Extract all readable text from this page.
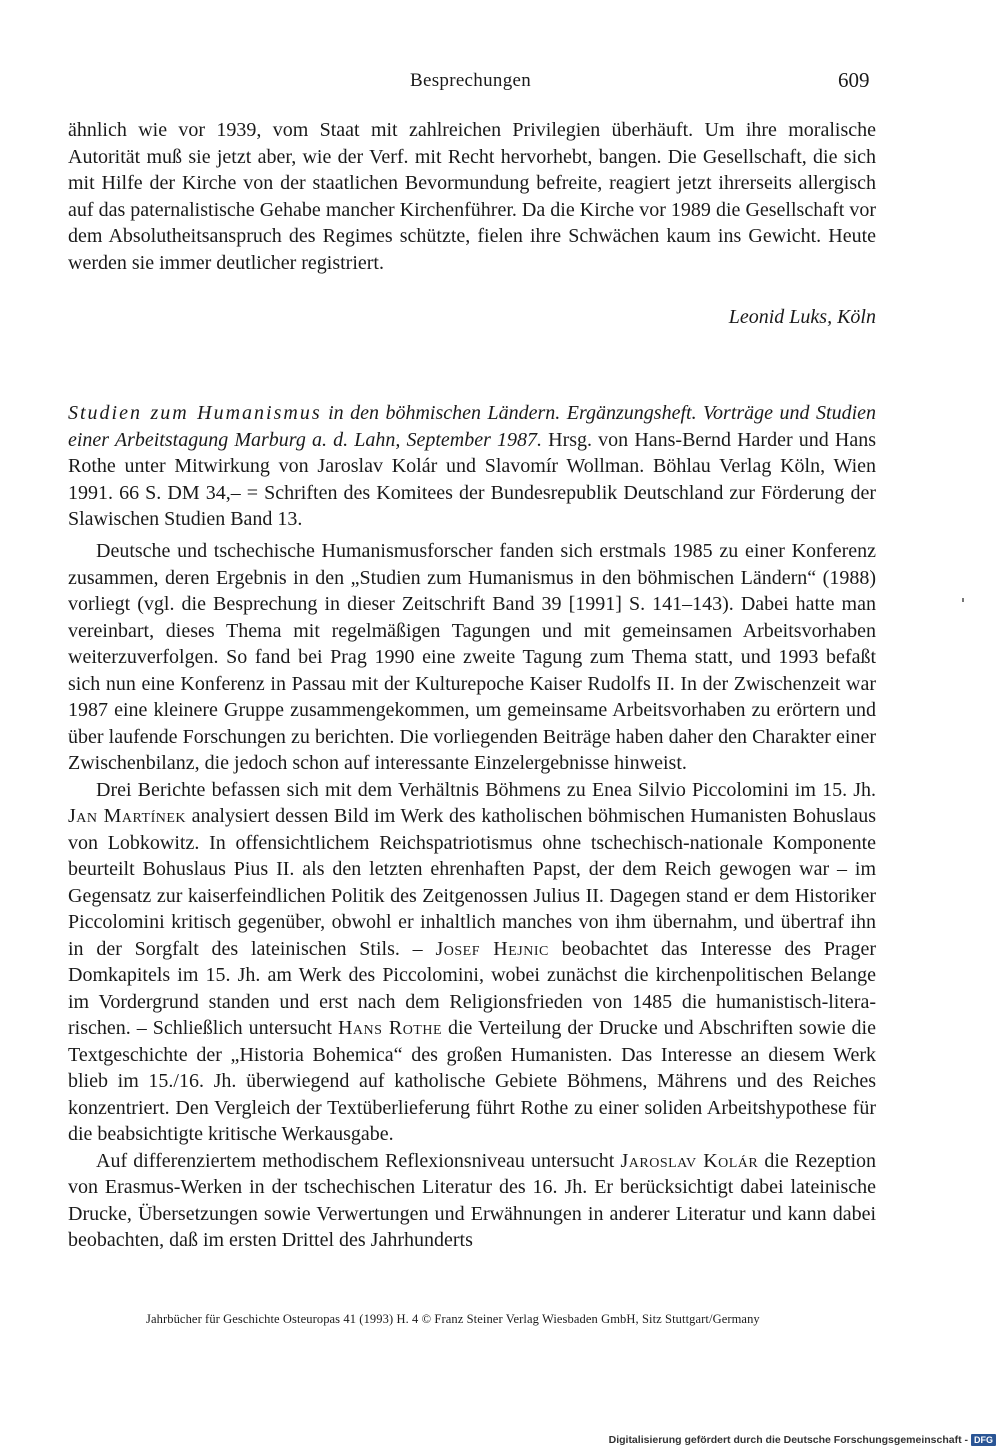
Besprechungen	609

ähnlich wie vor 1939, vom Staat mit zahlreichen Privilegien überhäuft. Um ihre moralische Autorität muß sie jetzt aber, wie der Verf. mit Recht hervorhebt, bangen. Die Gesellschaft, die sich mit Hilfe der Kirche von der staatlichen Bevormundung befreite, reagiert jetzt ihrerseits allergisch auf das paternalistische Gehabe mancher Kirchenführer. Da die Kirche vor 1989 die Gesellschaft vor dem Absolutheitsanspruch des Regimes schützte, fielen ihre Schwächen kaum ins Gewicht. Heute werden sie immer deutlicher registriert.

Leonid Luks, Köln

Studien zum Humanismus in den böhmischen Ländern. Ergänzungsheft. Vorträge und Studien einer Arbeitstagung Marburg a. d. Lahn, September 1987. Hrsg. von Hans-Bernd Harder und Hans Rothe unter Mitwirkung von Jaroslav Kolár und Slavomír Wollman. Böhlau Verlag Köln, Wien 1991. 66 S. DM 34,– = Schriften des Komitees der Bundesrepublik Deutschland zur Förderung der Slawischen Studien Band 13.

Deutsche und tschechische Humanismusforscher fanden sich erstmals 1985 zu einer Konferenz zusammen, deren Ergebnis in den „Studien zum Humanismus in den böhmischen Ländern“ (1988) vorliegt (vgl. die Besprechung in dieser Zeitschrift Band 39 [1991] S. 141–143). Dabei hatte man vereinbart, dieses Thema mit regelmäßigen Tagungen und mit gemeinsamen Arbeitsvorhaben weiterzuverfolgen. So fand bei Prag 1990 eine zweite Tagung zum Thema statt, und 1993 befaßt sich nun eine Konferenz in Passau mit der Kulturepoche Kaiser Rudolfs II. In der Zwischenzeit war 1987 eine kleinere Gruppe zusammengekommen, um gemeinsame Arbeitsvorhaben zu erörtern und über laufende Forschungen zu berichten. Die vorliegenden Beiträge haben daher den Charakter einer Zwischenbilanz, die jedoch schon auf interessante Einzelergebnisse hinweist.

Drei Berichte befassen sich mit dem Verhältnis Böhmens zu Enea Silvio Piccolomini im 15. Jh. Jan Martínek analysiert dessen Bild im Werk des katholischen böhmischen Humanisten Bohuslaus von Lobkowitz. In offensichtlichem Reichspatriotismus ohne tschechisch-nationale Komponente beurteilt Bohuslaus Pius II. als den letzten ehrenhaften Papst, der dem Reich gewogen war – im Gegensatz zur kaiserfeindlichen Politik des Zeitgenossen Julius II. Dagegen stand er dem Historiker Piccolomini kritisch gegenüber, obwohl er inhaltlich manches von ihm übernahm, und übertraf ihn in der Sorgfalt des lateinischen Stils. – Josef Hejnic beobachtet das Interesse des Prager Domkapitels im 15. Jh. am Werk des Piccolomini, wobei zunächst die kirchenpolitischen Belange im Vordergrund standen und erst nach dem Religionsfrieden von 1485 die humanistisch-literarischen. – Schließlich untersucht Hans Rothe die Verteilung der Drucke und Abschriften sowie die Textgeschichte der „Historia Bohemica“ des großen Humanisten. Das Interesse an diesem Werk blieb im 15./16. Jh. überwiegend auf katholische Gebiete Böhmens, Mährens und des Reiches konzentriert. Den Vergleich der Textüberlieferung führt Rothe zu einer soliden Arbeitshypothese für die beabsichtigte kritische Werkausgabe.

Auf differenziertem methodischem Reflexionsniveau untersucht Jaroslav Kolár die Rezeption von Erasmus-Werken in der tschechischen Literatur des 16. Jh. Er berücksichtigt dabei lateinische Drucke, Übersetzungen sowie Verwertungen und Erwähnungen in anderer Literatur und kann dabei beobachten, daß im ersten Drittel des Jahrhunderts

Jahrbücher für Geschichte Osteuropas 41 (1993) H. 4 © Franz Steiner Verlag Wiesbaden GmbH, Sitz Stuttgart/Germany
Digitalisierung gefördert durch die Deutsche Forschungsgemeinschaft - DFG
